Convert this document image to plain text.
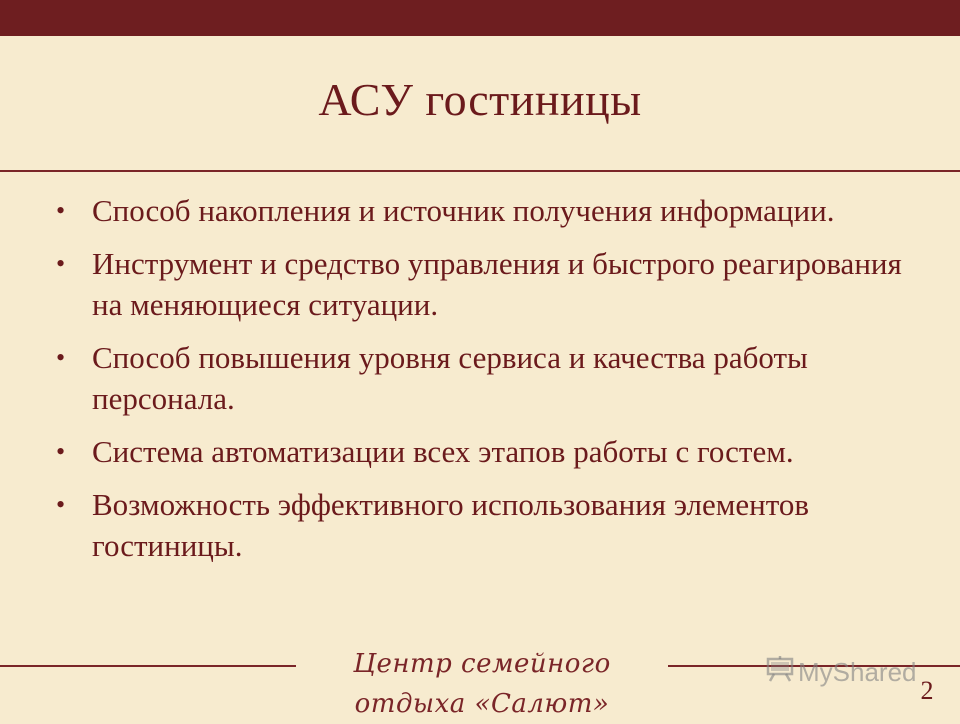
АСУ гостиницы
• Способ накопления и источник получения информации.
• Инструмент и средство управления и быстрого реагирования на меняющиеся ситуации.
• Способ повышения уровня сервиса и качества работы персонала.
• Система автоматизации всех этапов работы с гостем.
• Возможность эффективного использования элементов гостиницы.
Центр семейного отдыха «Салют»
MyShared
2
